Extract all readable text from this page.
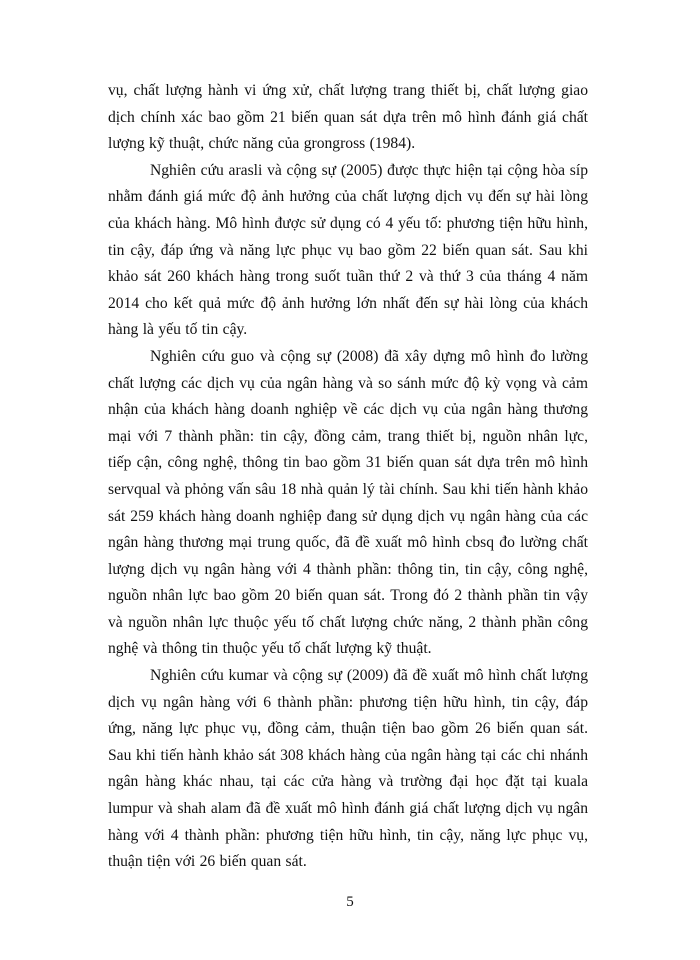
vụ, chất lượng hành vi ứng xử, chất lượng trang thiết bị, chất lượng giao dịch chính xác bao gồm 21 biến quan sát dựa trên mô hình đánh giá chất lượng kỹ thuật, chức năng của grongross (1984).

Nghiên cứu arasli và cộng sự (2005) được thực hiện tại cộng hòa síp nhằm đánh giá mức độ ảnh hưởng của chất lượng dịch vụ đến sự hài lòng của khách hàng. Mô hình được sử dụng có 4 yếu tố: phương tiện hữu hình, tin cậy, đáp ứng và năng lực phục vụ bao gồm 22 biến quan sát. Sau khi khảo sát 260 khách hàng trong suốt tuần thứ 2 và thứ 3 của tháng 4 năm 2014 cho kết quả mức độ ảnh hưởng lớn nhất đến sự hài lòng của khách hàng là yếu tố tin cậy.

Nghiên cứu guo và cộng sự (2008) đã xây dựng mô hình đo lường chất lượng các dịch vụ của ngân hàng và so sánh mức độ kỳ vọng và cảm nhận của khách hàng doanh nghiệp về các dịch vụ của ngân hàng thương mại với 7 thành phần: tin cậy, đồng cảm, trang thiết bị, nguồn nhân lực, tiếp cận, công nghệ, thông tin bao gồm 31 biến quan sát dựa trên mô hình servqual và phỏng vấn sâu 18 nhà quản lý tài chính. Sau khi tiến hành khảo sát 259 khách hàng doanh nghiệp đang sử dụng dịch vụ ngân hàng của các ngân hàng thương mại trung quốc, đã đề xuất mô hình cbsq đo lường chất lượng dịch vụ ngân hàng với 4 thành phần: thông tin, tin cậy, công nghệ, nguồn nhân lực bao gồm 20 biến quan sát. Trong đó 2 thành phần tin vậy và nguồn nhân lực thuộc yếu tố chất lượng chức năng, 2 thành phần công nghệ và thông tin thuộc yếu tố chất lượng kỹ thuật.

Nghiên cứu kumar và cộng sự (2009) đã đề xuất mô hình chất lượng dịch vụ ngân hàng với 6 thành phần: phương tiện hữu hình, tin cậy, đáp ứng, năng lực phục vụ, đồng cảm, thuận tiện bao gồm 26 biến quan sát. Sau khi tiến hành khảo sát 308 khách hàng của ngân hàng tại các chi nhánh ngân hàng khác nhau, tại các cửa hàng và trường đại học đặt tại kuala lumpur và shah alam đã đề xuất mô hình đánh giá chất lượng dịch vụ ngân hàng với 4 thành phần: phương tiện hữu hình, tin cậy, năng lực phục vụ, thuận tiện với 26 biến quan sát.

5
